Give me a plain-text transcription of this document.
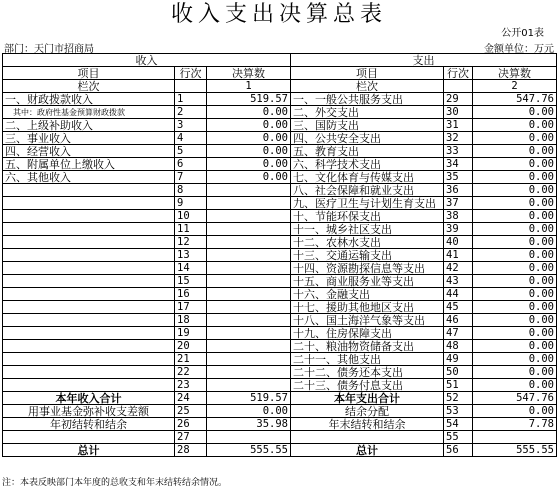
收入支出决算总表
公开01表
部门：天门市招商局	金额单位：万元
收入			支出		
项目	行次	决算数	项目	行次	决算数
栏次		1	栏次		2
一、财政拨款收入	1	519.57	一、一般公共服务支出	29	547.76
其中：政府性基金预算财政拨款	2	0.00	二、外交支出	30	0.00
二、上级补助收入	3	0.00	三、国防支出	31	0.00
三、事业收入	4	0.00	四、公共安全支出	32	0.00
四、经营收入	5	0.00	五、教育支出	33	0.00
五、附属单位上缴收入	6	0.00	六、科学技术支出	34	0.00
六、其他收入	7	0.00	七、文化体育与传媒支出	35	0.00
	8		八、社会保障和就业支出	36	0.00
	9		九、医疗卫生与计划生育支出	37	0.00
	10		十、节能环保支出	38	0.00
	11		十一、城乡社区支出	39	0.00
	12		十二、农林水支出	40	0.00
	13		十三、交通运输支出	41	0.00
	14		十四、资源勘探信息等支出	42	0.00
	15		十五、商业服务业等支出	43	0.00
	16		十六、金融支出	44	0.00
	17		十七、援助其他地区支出	45	0.00
	18		十八、国土海洋气象等支出	46	0.00
	19		十九、住房保障支出	47	0.00
	20		二十、粮油物资储备支出	48	0.00
	21		二十一、其他支出	49	0.00
	22		二十二、债务还本支出	50	0.00
	23		二十三、债务付息支出	51	0.00
本年收入合计	24	519.57	本年支出合计	52	547.76
用事业基金弥补收支差额	25	0.00	结余分配	53	0.00
年初结转和结余	26	35.98	年末结转和结余	54	7.78
	27			55	
总计	28	555.55	总计	56	555.55
注：本表反映部门本年度的总收支和年末结转结余情况。
